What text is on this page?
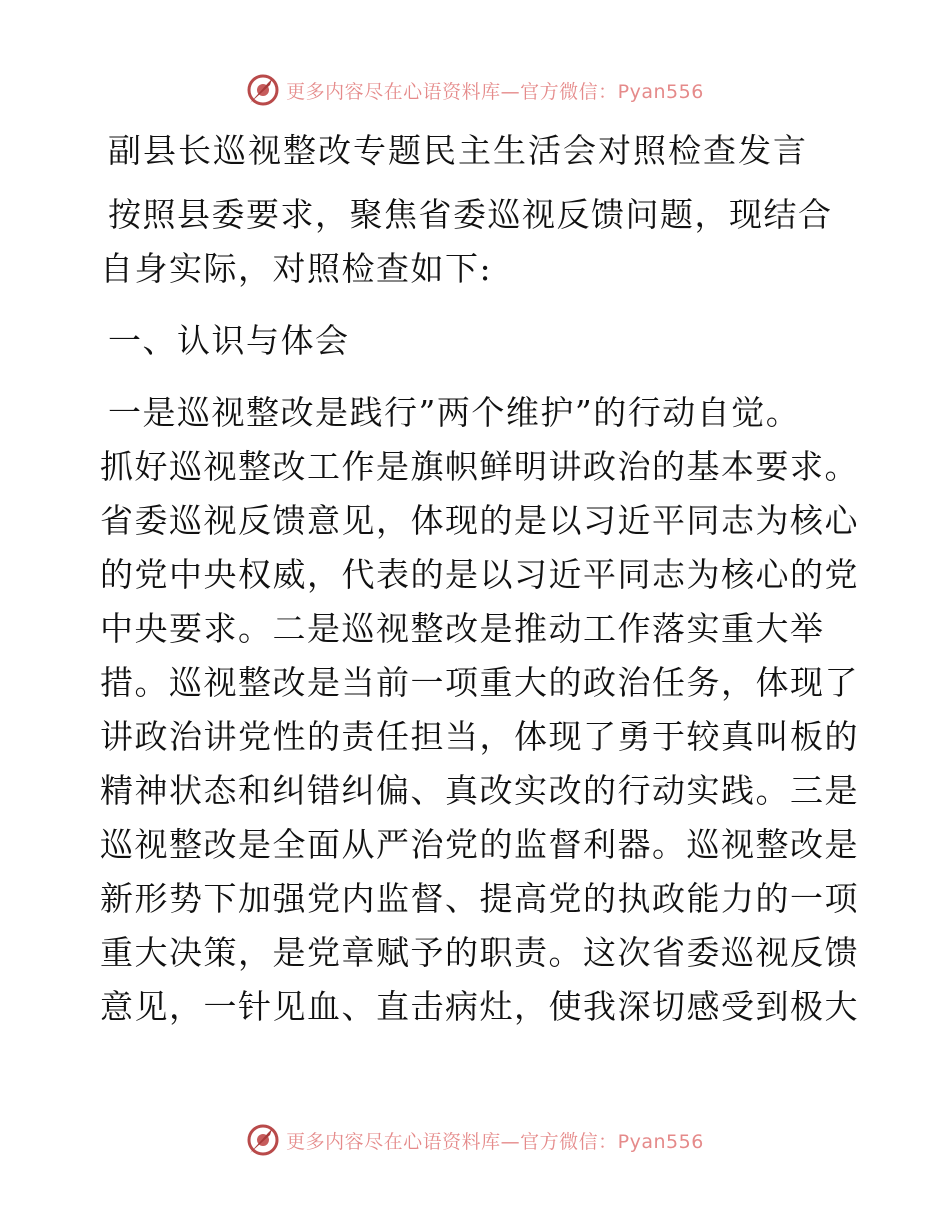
更多内容尽在心语资料库—官方微信：Pyan556
副县长巡视整改专题民主生活会对照检查发言

按照县委要求，聚焦省委巡视反馈问题，现结合

自身实际，对照检查如下:

一、认识与体会

一是巡视整改是践行”两个维护”的行动自觉。

抓好巡视整改工作是旗帜鲜明讲政治的基本要求。

省委巡视反馈意见，体现的是以习近平同志为核心

的党中央权威，代表的是以习近平同志为核心的党

中央要求。二是巡视整改是推动工作落实重大举

措。巡视整改是当前一项重大的政治任务，体现了

讲政治讲党性的责任担当，体现了勇于较真叫板的

精神状态和纠错纠偏、真改实改的行动实践。三是

巡视整改是全面从严治党的监督利器。巡视整改是

新形势下加强党内监督、提高党的执政能力的一项

重大决策，是党章赋予的职责。这次省委巡视反馈

意见，一针见血、直击病灶，使我深切感受到极大

更多内容尽在心语资料库—官方微信：Pyan556
